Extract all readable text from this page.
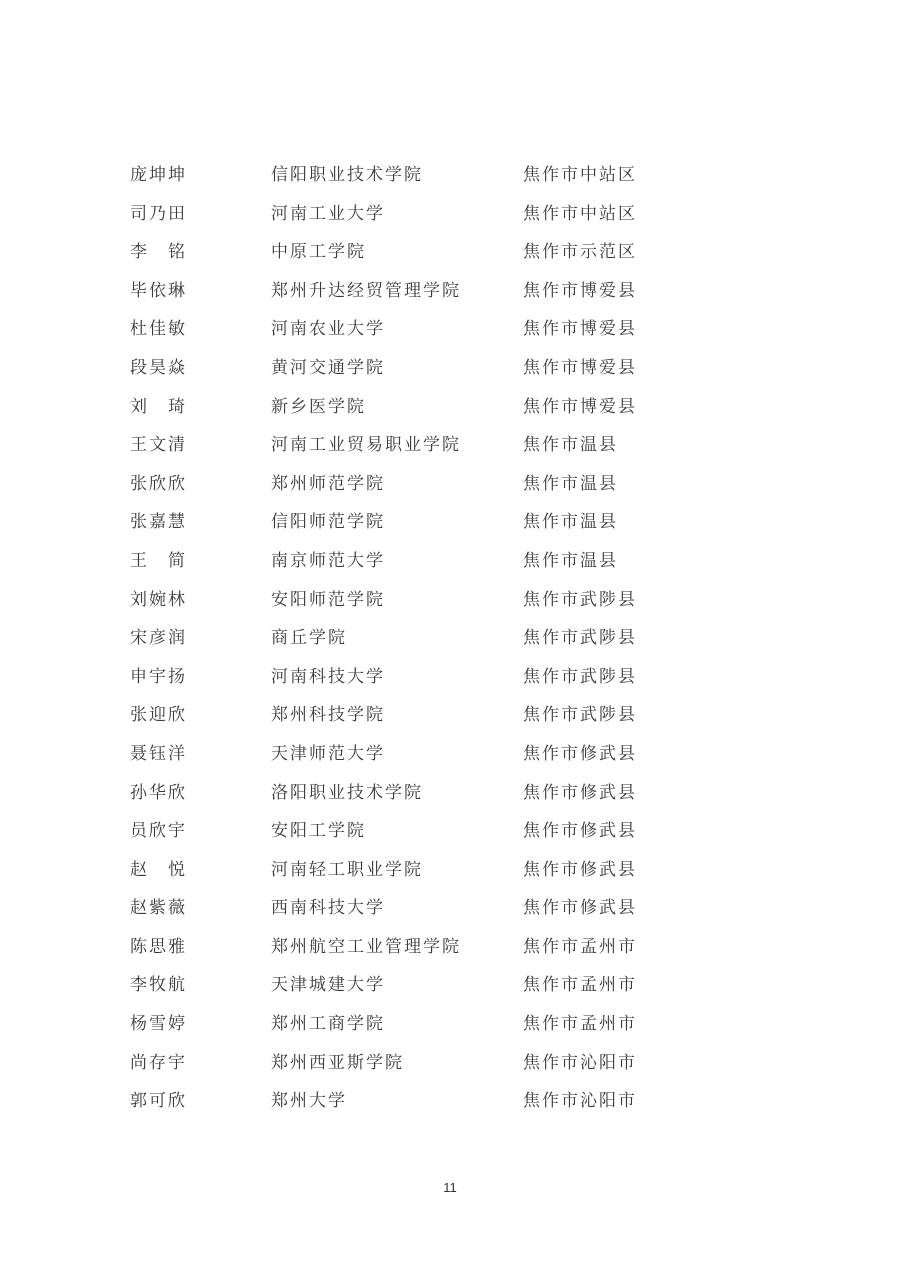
庞坤坤	信阳职业技术学院	焦作市中站区
司乃田	河南工业大学	焦作市中站区
李　铭	中原工学院	焦作市示范区
毕依琳	郑州升达经贸管理学院	焦作市博爱县
杜佳敏	河南农业大学	焦作市博爱县
段昊焱	黄河交通学院	焦作市博爱县
刘　琦	新乡医学院	焦作市博爱县
王文清	河南工业贸易职业学院	焦作市温县
张欣欣	郑州师范学院	焦作市温县
张嘉慧	信阳师范学院	焦作市温县
王　简	南京师范大学	焦作市温县
刘婉林	安阳师范学院	焦作市武陟县
宋彦润	商丘学院	焦作市武陟县
申宇扬	河南科技大学	焦作市武陟县
张迎欣	郑州科技学院	焦作市武陟县
聂钰洋	天津师范大学	焦作市修武县
孙华欣	洛阳职业技术学院	焦作市修武县
员欣宇	安阳工学院	焦作市修武县
赵　悦	河南轻工职业学院	焦作市修武县
赵紫薇	西南科技大学	焦作市修武县
陈思雅	郑州航空工业管理学院	焦作市孟州市
李牧航	天津城建大学	焦作市孟州市
杨雪婷	郑州工商学院	焦作市孟州市
尚存宇	郑州西亚斯学院	焦作市沁阳市
郭可欣	郑州大学	焦作市沁阳市
11
